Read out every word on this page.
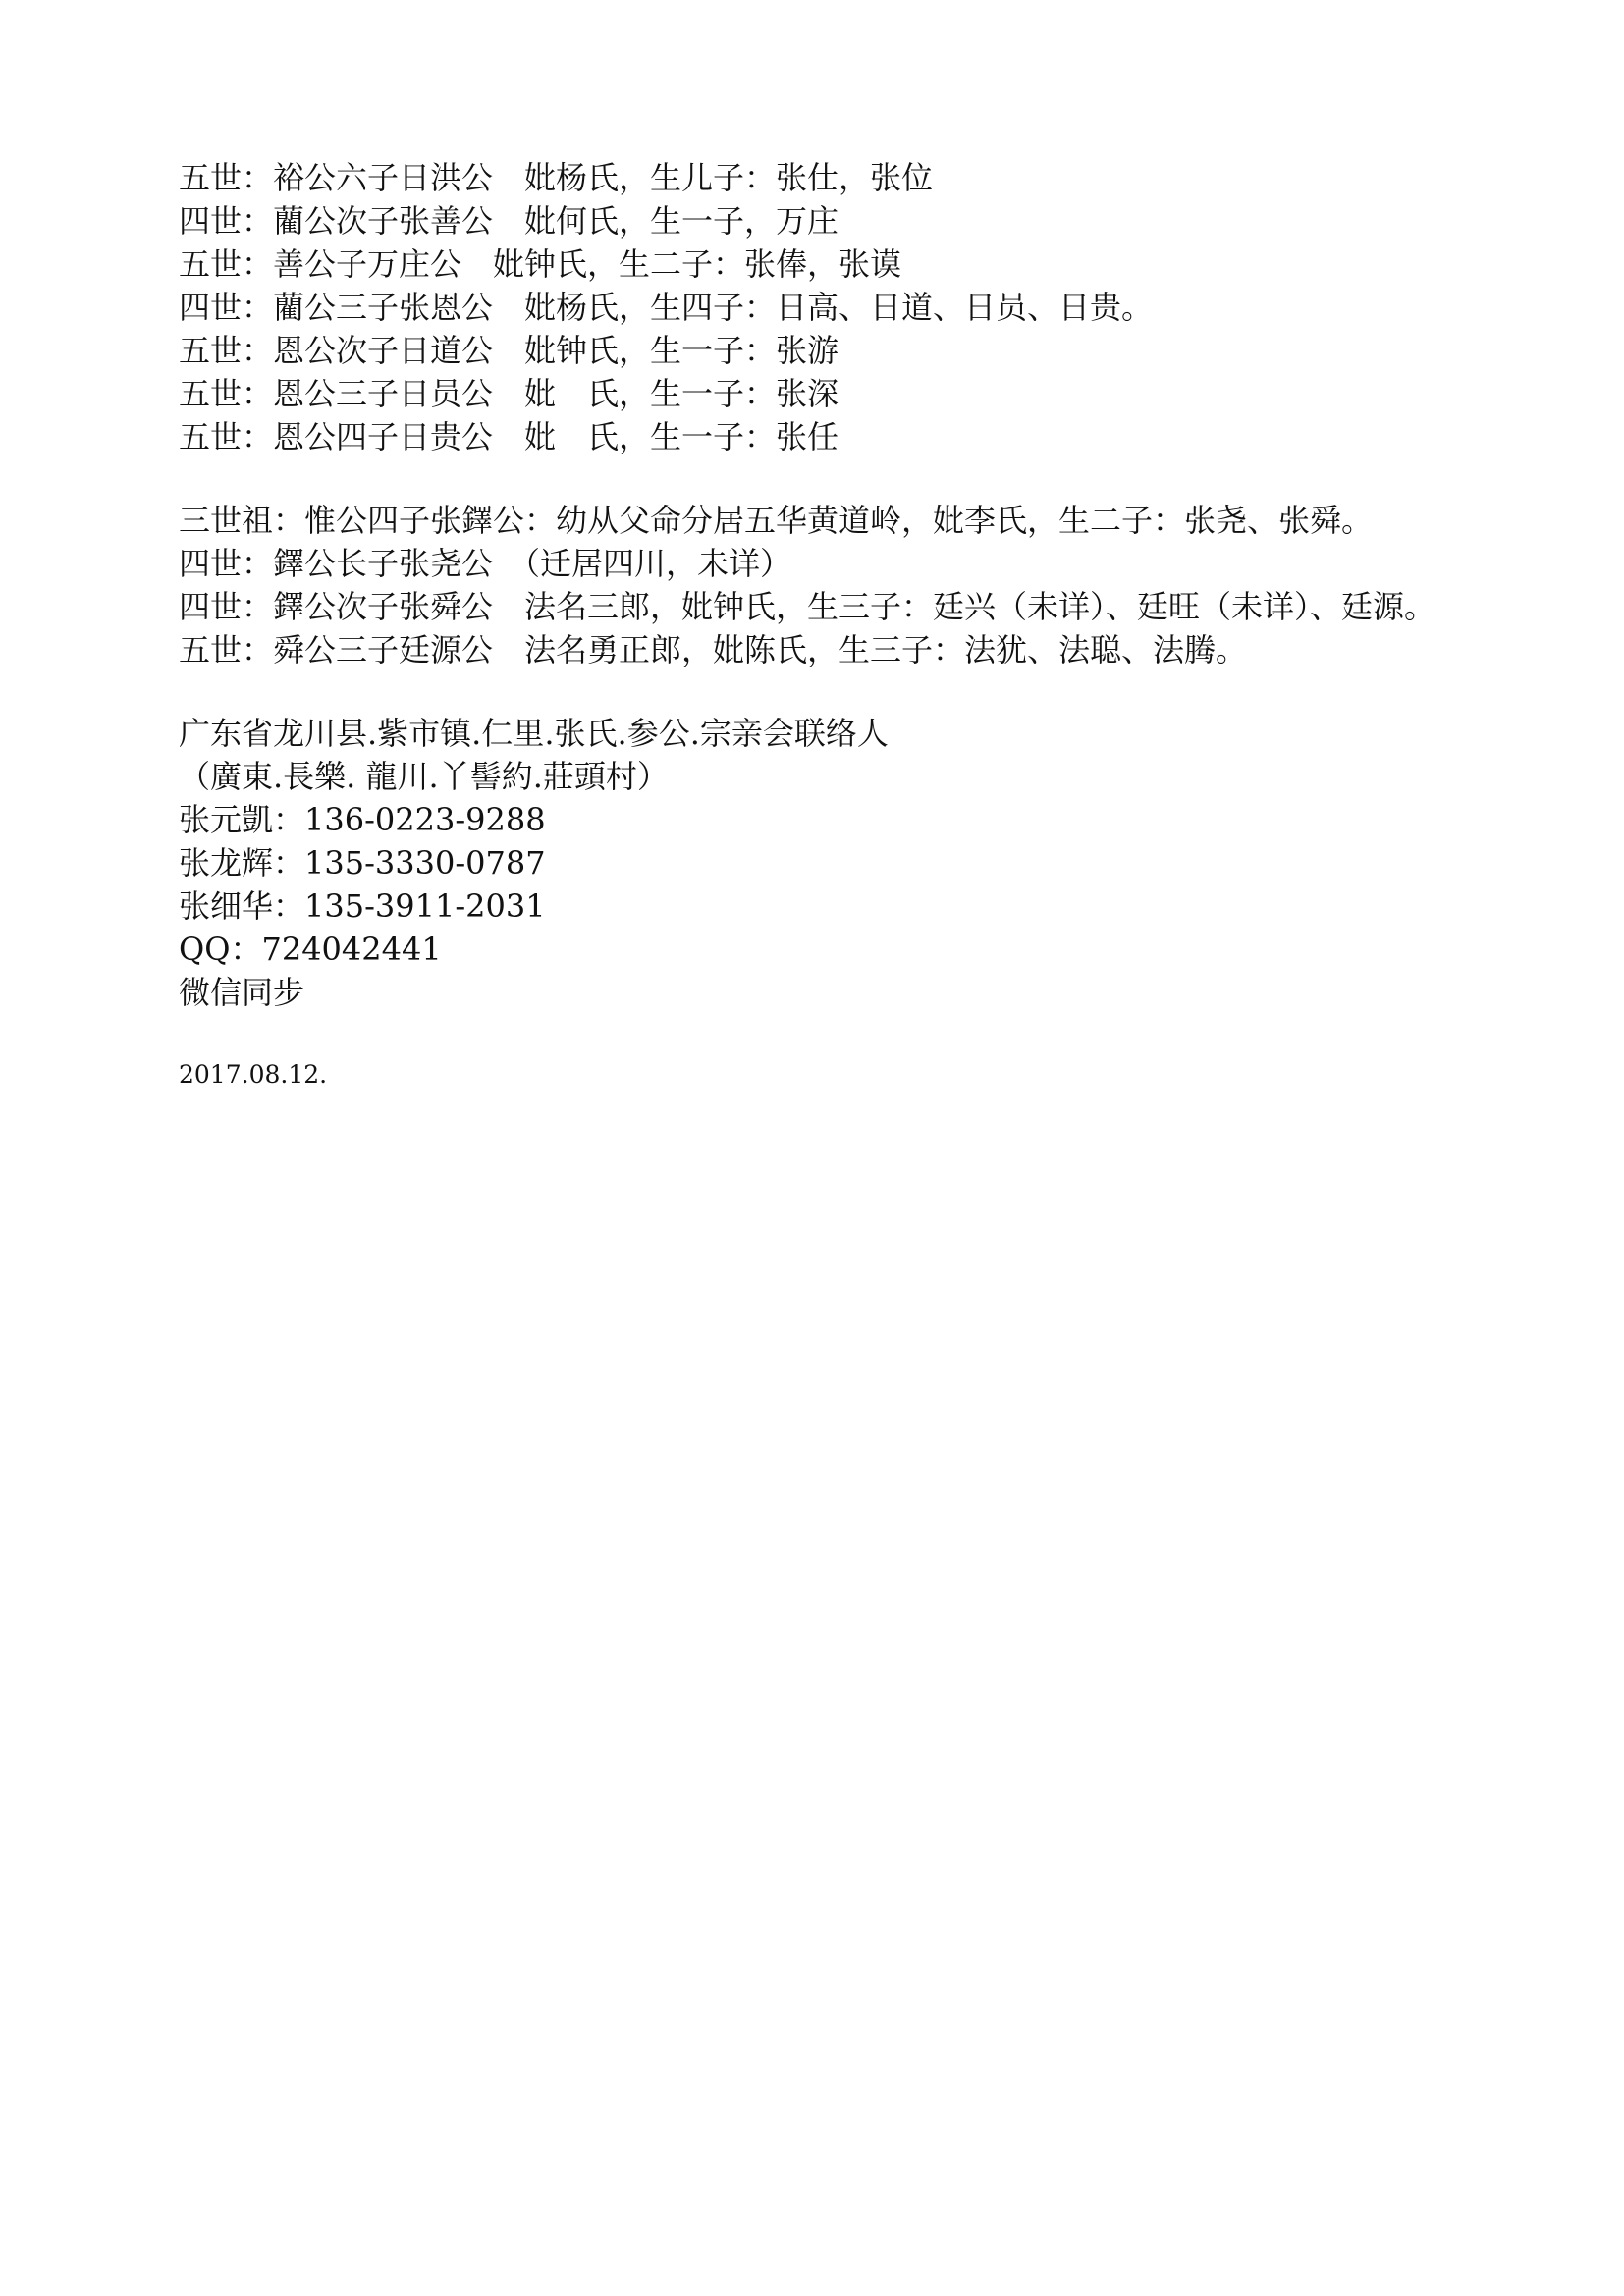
五世：裕公六子日洪公　妣杨氏，生儿子：张仕，张位
四世：藺公次子张善公　妣何氏，生一子，万庄
五世：善公子万庄公　妣钟氏，生二子：张俸，张谟
四世：藺公三子张恩公　妣杨氏，生四子：日高、日道、日员、日贵。
五世：恩公次子日道公　妣钟氏，生一子：张游
五世：恩公三子日员公　妣　氏，生一子：张深
五世：恩公四子日贵公　妣　氏，生一子：张任
三世祖：惟公四子张鐸公：幼从父命分居五华黄道岭，妣李氏，生二子：张尧、张舜。
四世：鐸公长子张尧公　（迁居四川，未详）
四世：鐸公次子张舜公　法名三郎，妣钟氏，生三子：廷兴（未详）、廷旺（未详）、廷源。
五世：舜公三子廷源公　法名勇正郎，妣陈氏，生三子：法犹、法聪、法腾。
广东省龙川县.紫市镇.仁里.张氏.参公.宗亲会联络人
（廣東.長樂. 龍川.丫髻約.莊頭村）
张元凱：136-0223-9288
张龙辉：135-3330-0787
张细华：135-3911-2031
QQ：724042441
微信同步
2017.08.12.
